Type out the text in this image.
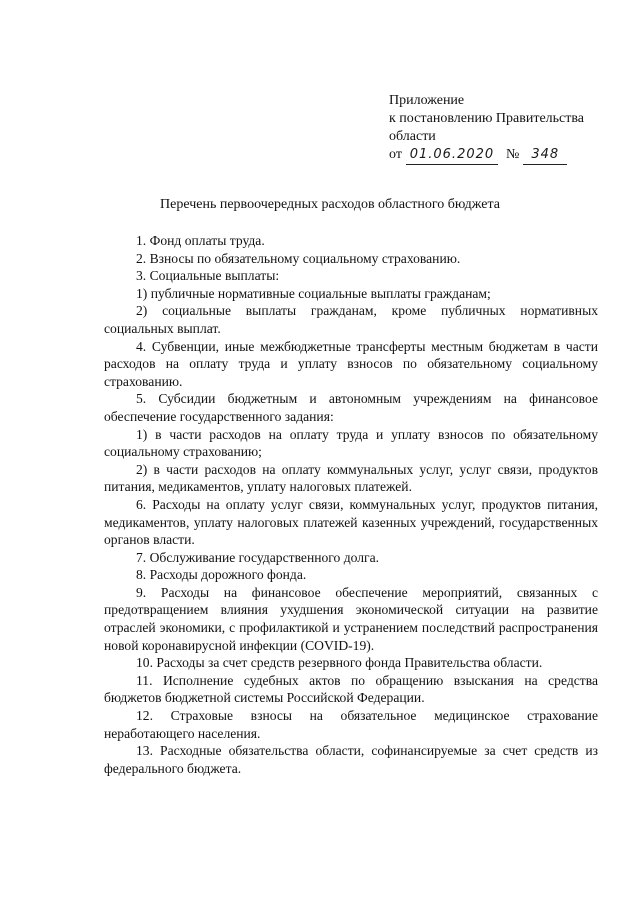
Приложение
к постановлению Правительства
области
от 01.06.2020 № 348
Перечень первоочередных расходов областного бюджета

1. Фонд оплаты труда.

2. Взносы по обязательному социальному страхованию.

3. Социальные выплаты:

1) публичные нормативные социальные выплаты гражданам;

2) социальные выплаты гражданам, кроме публичных нормативных социальных выплат.

4. Субвенции, иные межбюджетные трансферты местным бюджетам в части расходов на оплату труда и уплату взносов по обязательному социальному страхованию.

5. Субсидии бюджетным и автономным учреждениям на финансовое обеспечение государственного задания:

1) в части расходов на оплату труда и уплату взносов по обязательному социальному страхованию;

2) в части расходов на оплату коммунальных услуг, услуг связи, продуктов питания, медикаментов, уплату налоговых платежей.

6. Расходы на оплату услуг связи, коммунальных услуг, продуктов питания, медикаментов, уплату налоговых платежей казенных учреждений, государственных органов власти.

7. Обслуживание государственного долга.

8. Расходы дорожного фонда.

9. Расходы на финансовое обеспечение мероприятий, связанных с предотвращением влияния ухудшения экономической ситуации на развитие отраслей экономики, с профилактикой и устранением последствий распространения новой коронавирусной инфекции (COVID-19).

10. Расходы за счет средств резервного фонда Правительства области.

11. Исполнение судебных актов по обращению взыскания на средства бюджетов бюджетной системы Российской Федерации.

12. Страховые взносы на обязательное медицинское страхование неработающего населения.

13. Расходные обязательства области, софинансируемые за счет средств из федерального бюджета.
